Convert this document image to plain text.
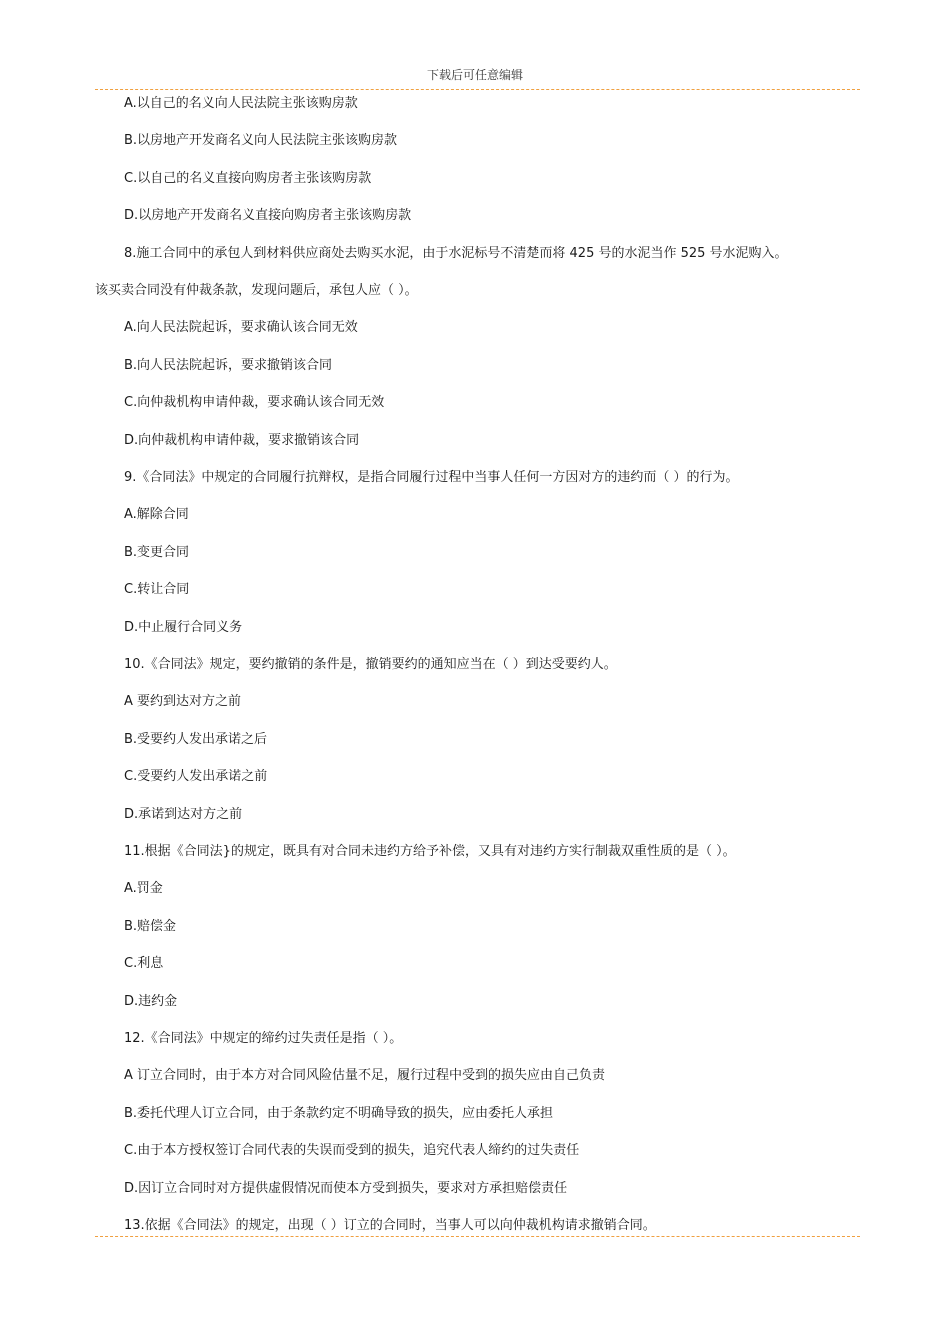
下载后可任意编辑
A.以自己的名义向人民法院主张该购房款
B.以房地产开发商名义向人民法院主张该购房款
C.以自己的名义直接向购房者主张该购房款
D.以房地产开发商名义直接向购房者主张该购房款
8.施工合同中的承包人到材料供应商处去购买水泥，由于水泥标号不清楚而将 425 号的水泥当作 525 号水泥购入。
该买卖合同没有仲裁条款，发现问题后，承包人应（ ）。
A.向人民法院起诉，要求确认该合同无效
B.向人民法院起诉，要求撤销该合同
C.向仲裁机构申请仲裁，要求确认该合同无效
D.向仲裁机构申请仲裁，要求撤销该合同
9.《合同法》中规定的合同履行抗辩权，是指合同履行过程中当事人任何一方因对方的违约而（ ）的行为。
A.解除合同
B.变更合同
C.转让合同
D.中止履行合同义务
10.《合同法》规定，要约撤销的条件是，撤销要约的通知应当在（ ）到达受要约人。
A 要约到达对方之前
B.受要约人发出承诺之后
C.受要约人发出承诺之前
D.承诺到达对方之前
11.根据《合同法}的规定，既具有对合同未违约方给予补偿，又具有对违约方实行制裁双重性质的是（ ）。
A.罚金
B.赔偿金
C.利息
D.违约金
12.《合同法》中规定的缔约过失责任是指（ ）。
A 订立合同时，由于本方对合同风险估量不足，履行过程中受到的损失应由自己负责
B.委托代理人订立合同，由于条款约定不明确导致的损失，应由委托人承担
C.由于本方授权签订合同代表的失误而受到的损失，追究代表人缔约的过失责任
D.因订立合同时对方提供虚假情况而使本方受到损失，要求对方承担赔偿责任
13.依据《合同法》的规定，出现（ ）订立的合同时，当事人可以向仲裁机构请求撤销合同。
